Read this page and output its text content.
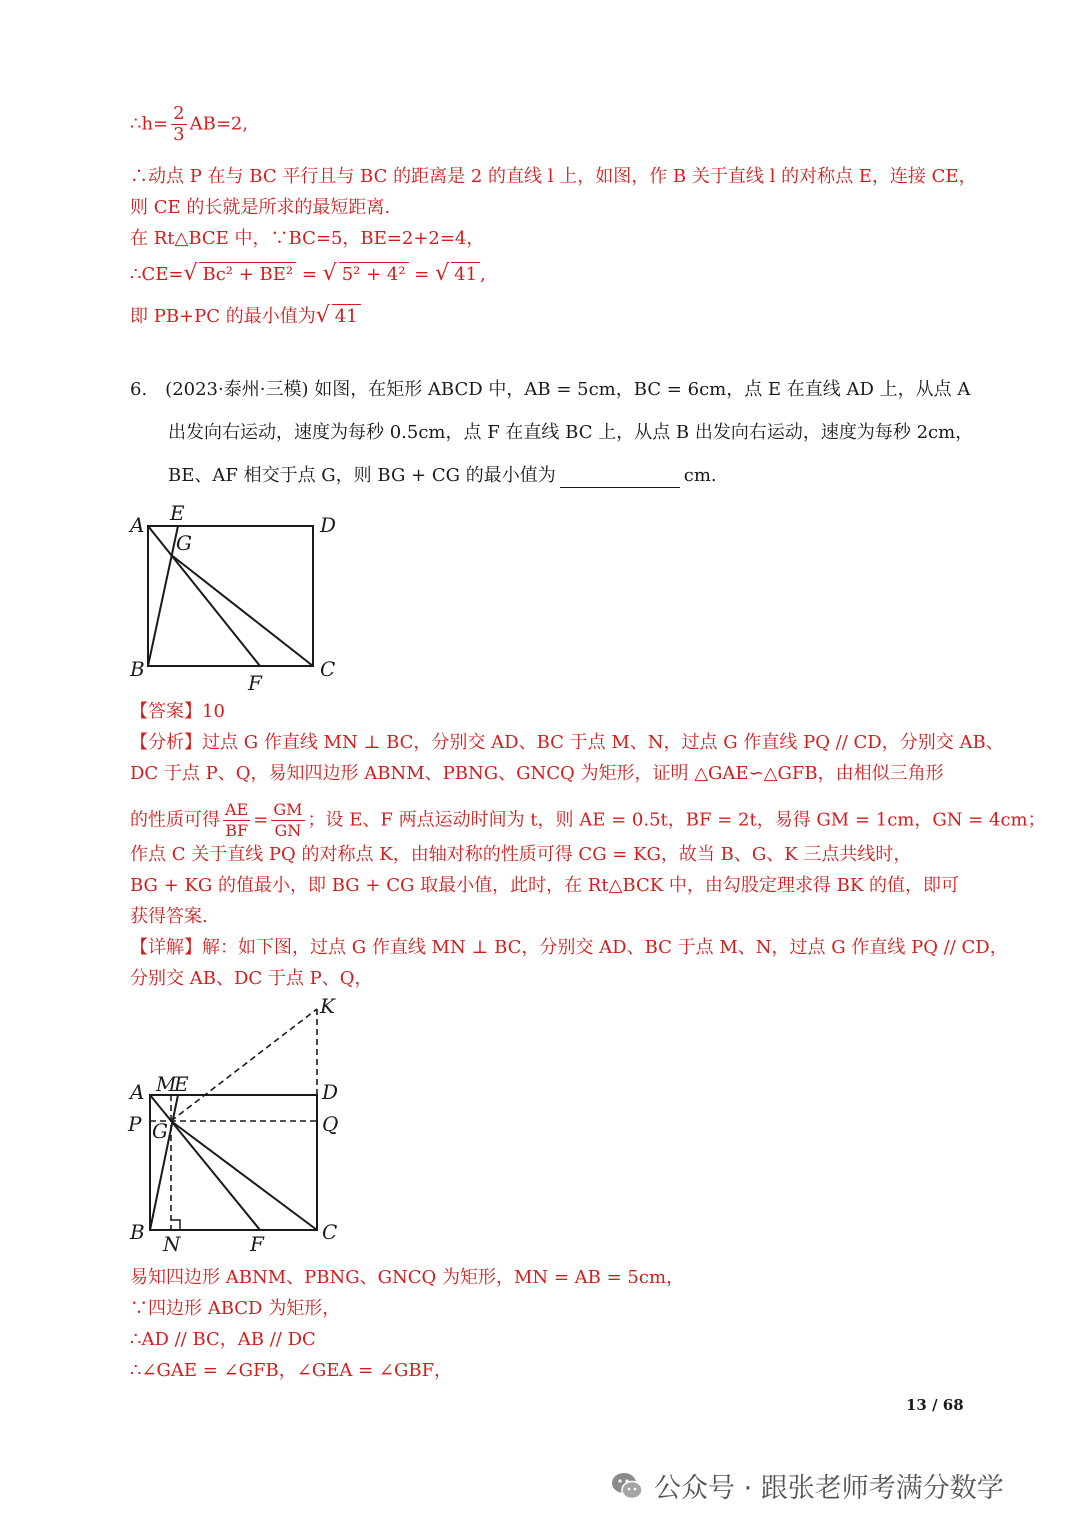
∴h= $\frac{2}{3} AB=2$,
∴动点 P 在与 BC 平行且与 BC 的距离是 2 的直线 l 上，如图，作 B 关于直线 l 的对称点 E，连接 CE，
则 CE 的长就是所求的最短距离.
在 Rt△BCE 中，∵BC=5，BE=2+2=4，
∴CE=√ Bc² + BE² = √ 5² + 4² = √ 41 ,
即 PB+PC 的最小值为√ 41
6.　(2023·泰州·三模) 如图，在矩形 ABCD 中，AB = 5cm，BC = 6cm，点 E 在直线 AD 上，从点 A
出发向右运动，速度为每秒 0.5cm，点 F 在直线 BC 上，从点 B 出发向右运动，速度为每秒 2cm，
BE、AF 相交于点 G，则 BG + CG 的最小值为	cm.
A E	D
G
B
F
C
【答案】10
【分析】过点 G 作直线 MN ⊥ BC，分别交 AD、BC 于点 M、N，过点 G 作直线 PQ // CD，分别交 AB、
DC 于点 P、Q，易知四边形 ABNM、PBNG、GNCQ 为矩形，证明 △GAE∽△GFB，由相似三角形
的性质可得 $\frac{AE}{BF} = \frac{GM}{GN}$ ；设 E、F 两点运动时间为 t，则 AE = 0.5t，BF = 2t，易得 GM = 1cm，GN = 4cm；
作点 C 关于直线 PQ 的对称点 K，由轴对称的性质可得 CG = KG，故当 B、G、K 三点共线时，
BG + KG 的值最小，即 BG + CG 取最小值，此时，在 Rt△BCK 中，由勾股定理求得 BK 的值，即可
获得答案.
【详解】解：如下图，过点 G 作直线 MN ⊥ BC，分别交 AD、BC 于点 M、N，过点 G 作直线 PQ // CD，
分别交 AB、DC 于点 P、Q，
K
A M
E	D
P G	Q
B N	F	C
易知四边形 ABNM、PBNG、GNCQ 为矩形，MN = AB = 5cm，
∵四边形 ABCD 为矩形，
∴AD // BC，AB // DC
∴∠GAE = ∠GFB，∠GEA = ∠GBF，
13 / 68
公众号 · 跟张老师考满分数学
